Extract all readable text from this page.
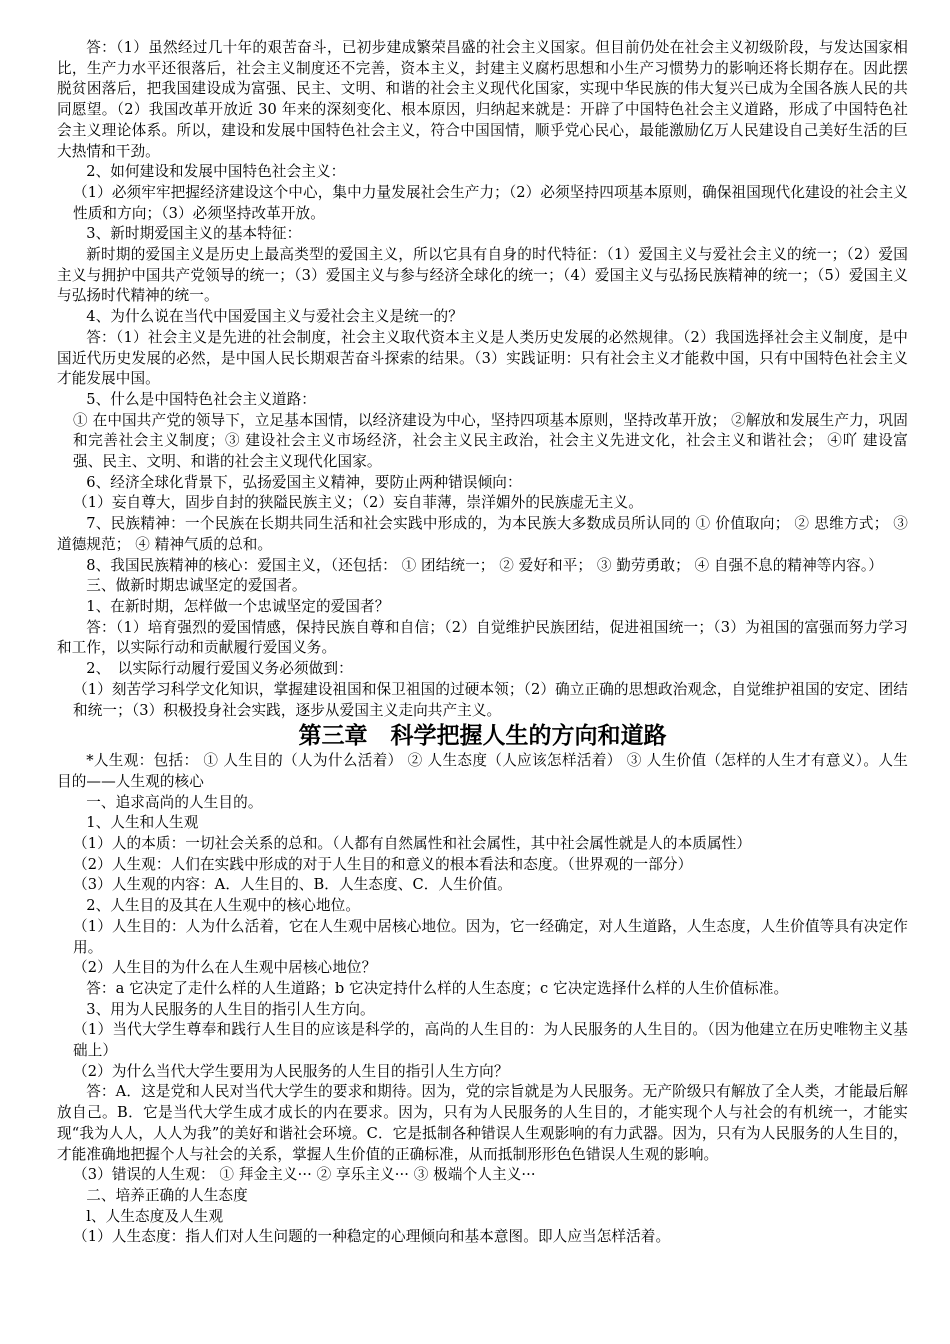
答：（1）虽然经过几十年的艰苦奋斗，已初步建成繁荣昌盛的社会主义国家。但目前仍处在社会主义初级阶段，与发达国家相比，生产力水平还很落后，社会主义制度还不完善，资本主义，封建主义腐朽思想和小生产习惯势力的影响还将长期存在。因此摆脱贫困落后，把我国建设成为富强、民主、文明、和谐的社会主义现代化国家，实现中华民族的伟大复兴已成为全国各族人民的共同愿望。（2）我国改革开放近 30 年来的深刻变化、根本原因，归纳起来就是：开辟了中国特色社会主义道路，形成了中国特色社会主义理论体系。所以，建设和发展中国特色社会主义，符合中国国情，顺乎党心民心，最能激励亿万人民建设自己美好生活的巨大热情和干劲。

2、如何建设和发展中国特色社会主义：

（1）必须牢牢把握经济建设这个中心，集中力量发展社会生产力；（2）必须坚持四项基本原则，确保祖国现代化建设的社会主义性质和方向；（3）必须坚持改革开放。

3、新时期爱国主义的基本特征：

新时期的爱国主义是历史上最高类型的爱国主义，所以它具有自身的时代特征：（1）爱国主义与爱社会主义的统一；（2）爱国主义与拥护中国共产党领导的统一；（3）爱国主义与参与经济全球化的统一；（4）爱国主义与弘扬民族精神的统一；（5）爱国主义与弘扬时代精神的统一。

4、为什么说在当代中国爱国主义与爱社会主义是统一的？

答：（1）社会主义是先进的社会制度，社会主义取代资本主义是人类历史发展的必然规律。（2）我国选择社会主义制度，是中国近代历史发展的必然，是中国人民长期艰苦奋斗探索的结果。（3）实践证明：只有社会主义才能救中国，只有中国特色社会主义才能发展中国。

5、什么是中国特色社会主义道路：

① 在中国共产党的领导下，立足基本国情，以经济建设为中心，坚持四项基本原则，坚持改革开放； ②解放和发展生产力，巩固和完善社会主义制度；③ 建设社会主义市场经济，社会主义民主政治，社会主义先进文化，社会主义和谐社会； ④吖 建设富强、民主、文明、和谐的社会主义现代化国家。

6、经济全球化背景下，弘扬爱国主义精神，要防止两种错误倾向：

（1）妄自尊大，固步自封的狭隘民族主义；（2）妄自菲薄，崇洋媚外的民族虚无主义。

7、民族精神：一个民族在长期共同生活和社会实践中形成的，为本民族大多数成员所认同的 ① 价值取向； ② 思维方式； ③ 道德规范； ④ 精神气质的总和。

8、我国民族精神的核心：爱国主义，（还包括： ① 团结统一； ② 爱好和平； ③ 勤劳勇敢； ④ 自强不息的精神等内容。）

三、做新时期忠诚坚定的爱国者。

1、在新时期，怎样做一个忠诚坚定的爱国者？

答：（1）培育强烈的爱国情感，保持民族自尊和自信；（2）自觉维护民族团结，促进祖国统一；（3）为祖国的富强而努力学习和工作，以实际行动和贡献履行爱国义务。

2、　以实际行动履行爱国义务必须做到：

（1）刻苦学习科学文化知识，掌握建设祖国和保卫祖国的过硬本领；（2）确立正确的思想政治观念，自觉维护祖国的安定、团结和统一；（3）积极投身社会实践，逐步从爱国主义走向共产主义。

第三章　科学把握人生的方向和道路

*人生观：包括： ① 人生目的（人为什么活着） ② 人生态度（人应该怎样活着） ③ 人生价值（怎样的人生才有意义）。人生目的——人生观的核心

一、追求高尚的人生目的。

1、人生和人生观

（1）人的本质：一切社会关系的总和。（人都有自然属性和社会属性，其中社会属性就是人的本质属性）

（2）人生观：人们在实践中形成的对于人生目的和意义的根本看法和态度。（世界观的一部分）

（3）人生观的内容：A．人生目的、B．人生态度、C．人生价值。

2、人生目的及其在人生观中的核心地位。

（1）人生目的：人为什么活着，它在人生观中居核心地位。因为，它一经确定，对人生道路，人生态度，人生价值等具有决定作用。

（2）人生目的为什么在人生观中居核心地位？

答：a 它决定了走什么样的人生道路；b 它决定持什么样的人生态度；c 它决定选择什么样的人生价值标准。

3、用为人民服务的人生目的指引人生方向。

（1）当代大学生尊奉和践行人生目的应该是科学的，高尚的人生目的：为人民服务的人生目的。（因为他建立在历史唯物主义基础上）

（2）为什么当代大学生要用为人民服务的人生目的指引人生方向？

答：A．这是党和人民对当代大学生的要求和期待。因为，党的宗旨就是为人民服务。无产阶级只有解放了全人类，才能最后解放自己。B．它是当代大学生成才成长的内在要求。因为，只有为人民服务的人生目的，才能实现个人与社会的有机统一，才能实现“我为人人，人人为我”的美好和谐社会环境。C．它是抵制各种错误人生观影响的有力武器。因为，只有为人民服务的人生目的，才能准确地把握个人与社会的关系，掌握人生价值的正确标准，从而抵制形形色色错误人生观的影响。

（3）错误的人生观： ① 拜金主义··· ② 享乐主义··· ③ 极端个人主义···

二、培养正确的人生态度

l、人生态度及人生观

（1）人生态度：指人们对人生问题的一种稳定的心理倾向和基本意图。即人应当怎样活着。
